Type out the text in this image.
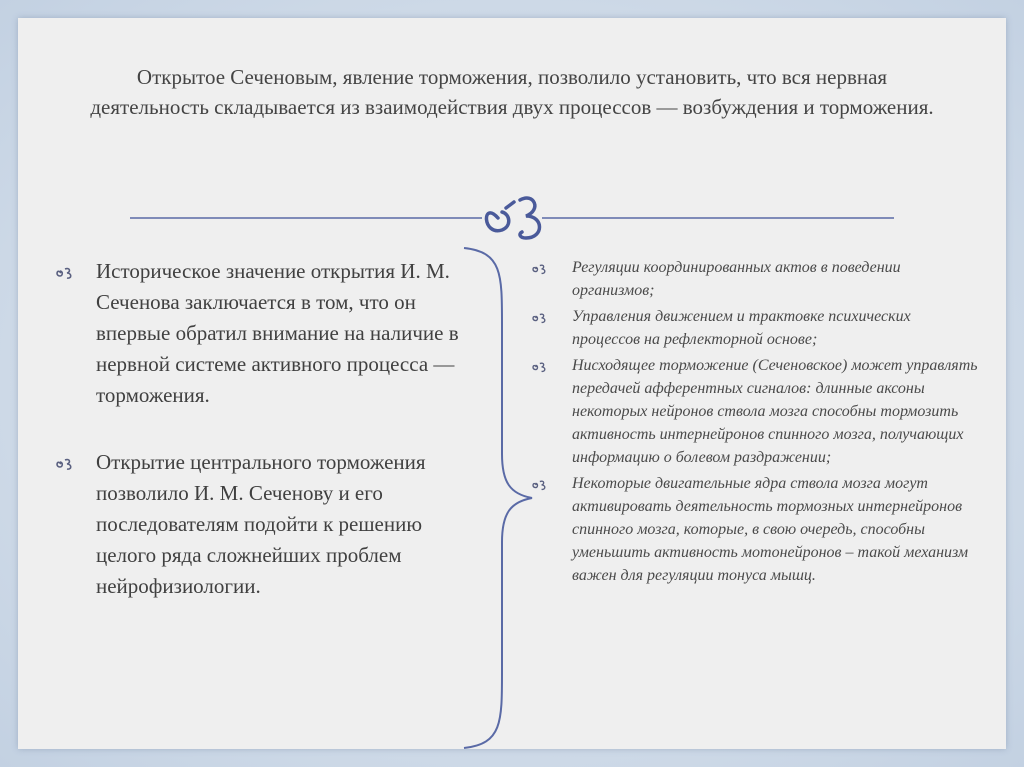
Открытое Сеченовым, явление торможения, позволило установить, что вся нервная деятельность складывается из взаимодействия двух процессов — возбуждения и торможения.
Историческое значение открытия И. М. Сеченова заключается в том, что он впервые обратил внимание на наличие в нервной системе активного процесса — торможения.
Открытие центрального торможения позволило И. М. Сеченову и его последователям подойти к решению целого ряда сложнейших проблем нейрофизиологии.
Регуляции координированных актов в поведении организмов;
Управления движением и трактовке психических процессов на рефлекторной основе;
Нисходящее торможение (Сеченовское) может управлять передачей афферентных сигналов: длинные аксоны некоторых нейронов ствола мозга способны тормозить активность интернейронов спинного мозга, получающих информацию о болевом раздражении;
Некоторые двигательные ядра ствола мозга могут активировать деятельность тормозных интернейронов спинного мозга, которые, в свою очередь, способны уменьшить активность мотонейронов – такой механизм важен для регуляции тонуса мышц.
